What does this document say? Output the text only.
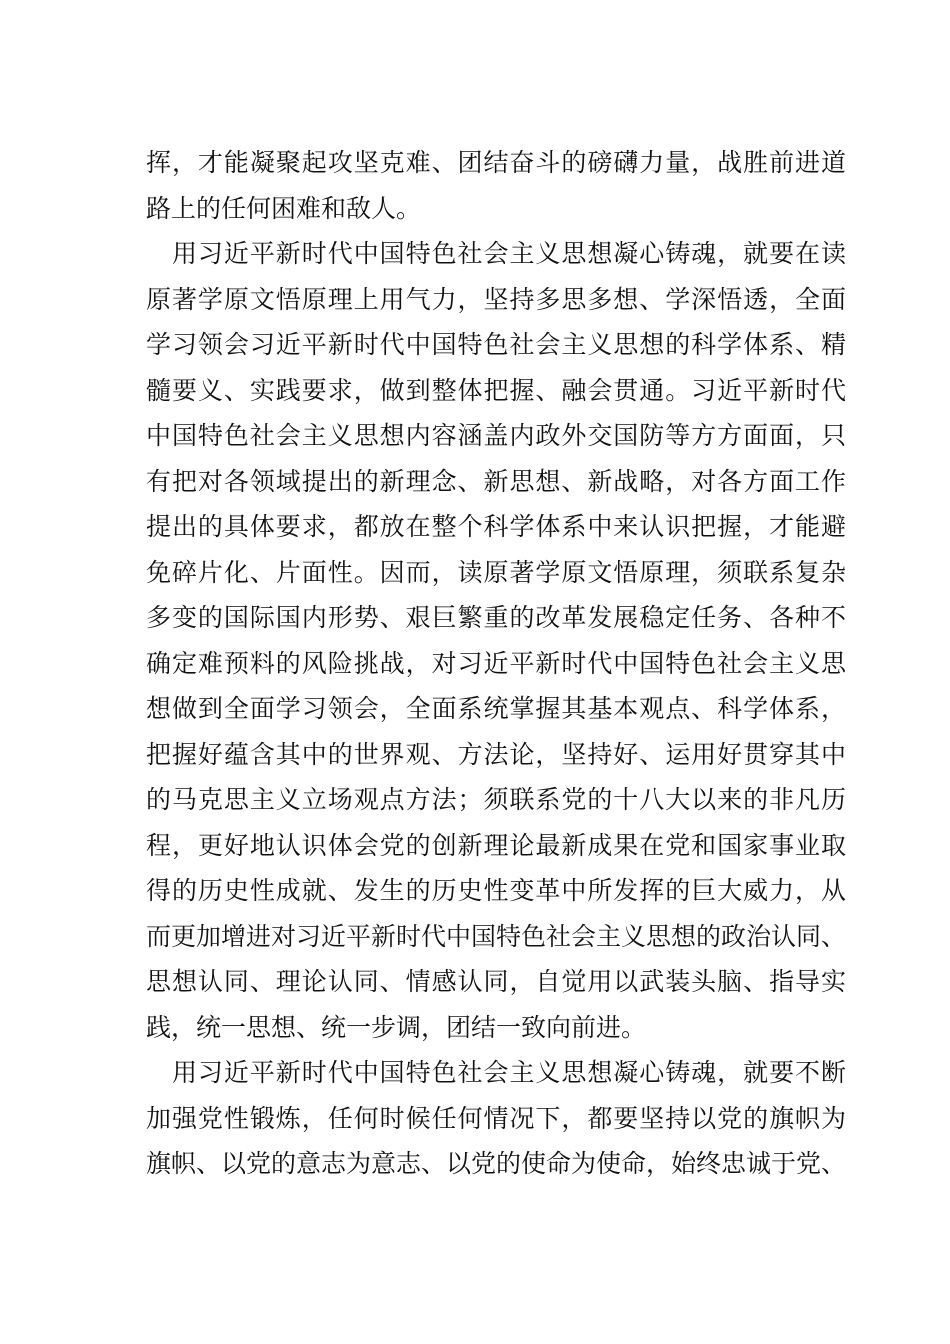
挥，才能凝聚起攻坚克难、团结奋斗的磅礴力量，战胜前进道
路上的任何困难和敌人。
　用习近平新时代中国特色社会主义思想凝心铸魂，就要在读
原著学原文悟原理上用气力，坚持多思多想、学深悟透，全面
学习领会习近平新时代中国特色社会主义思想的科学体系、精
髓要义、实践要求，做到整体把握、融会贯通。习近平新时代
中国特色社会主义思想内容涵盖内政外交国防等方方面面，只
有把对各领域提出的新理念、新思想、新战略，对各方面工作
提出的具体要求，都放在整个科学体系中来认识把握，才能避
免碎片化、片面性。因而，读原著学原文悟原理，须联系复杂
多变的国际国内形势、艰巨繁重的改革发展稳定任务、各种不
确定难预料的风险挑战，对习近平新时代中国特色社会主义思
想做到全面学习领会，全面系统掌握其基本观点、科学体系，
把握好蕴含其中的世界观、方法论，坚持好、运用好贯穿其中
的马克思主义立场观点方法；须联系党的十八大以来的非凡历
程，更好地认识体会党的创新理论最新成果在党和国家事业取
得的历史性成就、发生的历史性变革中所发挥的巨大威力，从
而更加增进对习近平新时代中国特色社会主义思想的政治认同、
思想认同、理论认同、情感认同，自觉用以武装头脑、指导实
践，统一思想、统一步调，团结一致向前进。
　用习近平新时代中国特色社会主义思想凝心铸魂，就要不断
加强党性锻炼，任何时候任何情况下，都要坚持以党的旗帜为
旗帜、以党的意志为意志、以党的使命为使命，始终忠诚于党、
